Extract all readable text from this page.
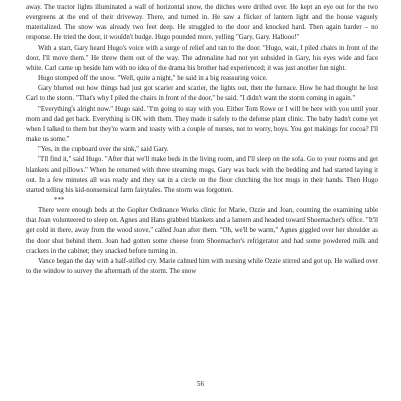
away. The tractor lights illuminated a wall of horizontal snow, the ditches were drifted over. He kept an eye out for the two evergreens at the end of their driveway. There, and turned in. He saw a flicker of lantern light and the house vaguely materialized. The snow was already two feet deep. He struggled to the door and knocked hard. Then again harder – no response. He tried the door, it wouldn't budge. Hugo pounded more, yelling "Gary, Gary. Hallooo!"

With a start, Gary heard Hugo's voice with a surge of relief and ran to the door. "Hugo, wait, I piled chairs in front of the door, I'll move them." He threw them out of the way. The adrenaline had not yet subsided in Gary, his eyes wide and face white. Carl came up beside him with no idea of the drama his brother had experienced; it was just another fun night.

Hugo stomped off the snow. "Well, quite a night," he said in a big reassuring voice.

Gary blurted out how things had just got scarier and scarier, the lights out, then the furnace. How he had thought he lost Carl to the storm. "That's why I piled the chairs in front of the door," he said. "I didn't want the storm coming in again."

"Everything's alright now." Hugo said. "I'm going to stay with you. Either Tom Rowe or I will be here with you until your mom and dad get back. Everything is OK with them. They made it safely to the defense plant clinic. The baby hadn't come yet when I talked to them but they're warm and toasty with a couple of nurses, not to worry, boys. You got makings for cocoa? I'll make us some."

"Yes, in the cupboard over the sink," said Gary.

"I'll find it," said Hugo. "After that we'll make beds in the living room, and I'll sleep on the sofa. Go to your rooms and get blankets and pillows." When he returned with three steaming mugs, Gary was back with the bedding and had started laying it out. In a few minutes all was ready and they sat in a circle on the floor clutching the hot mugs in their hands. Then Hugo started telling his kid-nonsensical farm fairytales. The storm was forgotten.

***

There were enough beds at the Gopher Ordinance Works clinic for Marie, Ozzie and Joan, counting the examining table that Joan volunteered to sleep on. Agnes and Hans grabbed blankets and a lantern and headed toward Shoemacher's office. "It'll get cold in there, away from the wood stove," called Joan after them. "Oh, we'll be warm," Agnes giggled over her shoulder as the door shut behind them. Joan had gotten some cheese from Shoemacher's refrigerator and had some powdered milk and crackers in the cabinet; they snacked before turning in.

Vance began the day with a half-stifled cry. Marie calmed him with nursing while Ozzie stirred and got up. He walked over to the window to survey the aftermath of the storm. The snow

56
